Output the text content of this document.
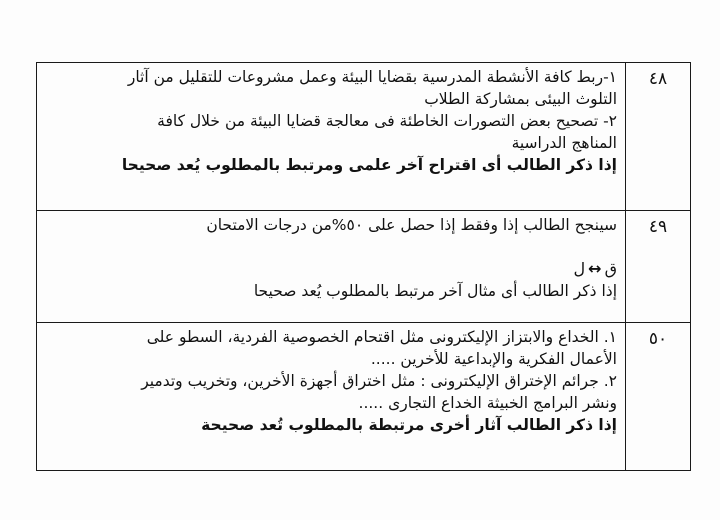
٤٨	١-ربط كافة الأنشطة المدرسية بقضايا البيئة وعمل مشروعات للتقليل من آثار
التلوث البيئى بمشاركة الطلاب
٢- تصحيح بعض التصورات الخاطئة فى معالجة قضايا البيئة من خلال كافة
المناهج الدراسية
إذا ذكر الطالب أى اقتراح آخر علمى ومرتبط بالمطلوب يُعد صحيحا

٤٩	سينجح الطالب إذا وفقط إذا حصل على ٥٠%من درجات الامتحان
ق↔ل
إذا ذكر الطالب أى مثال آخر مرتبط بالمطلوب يُعد صحيحا

٥٠	١. الخداع والابتزاز الإليكترونى مثل اقتحام الخصوصية الفردية، السطو على
الأعمال الفكرية والإبداعية للأخرين .....
٢. جرائم الإختراق الإليكترونى : مثل اختراق أجهزة الأخرين، وتخريب وتدمير
ونشر البرامج الخبيثة الخداع التجارى .....
إذا ذكر الطالب آثار أخرى مرتبطة بالمطلوب تُعد صحيحة
